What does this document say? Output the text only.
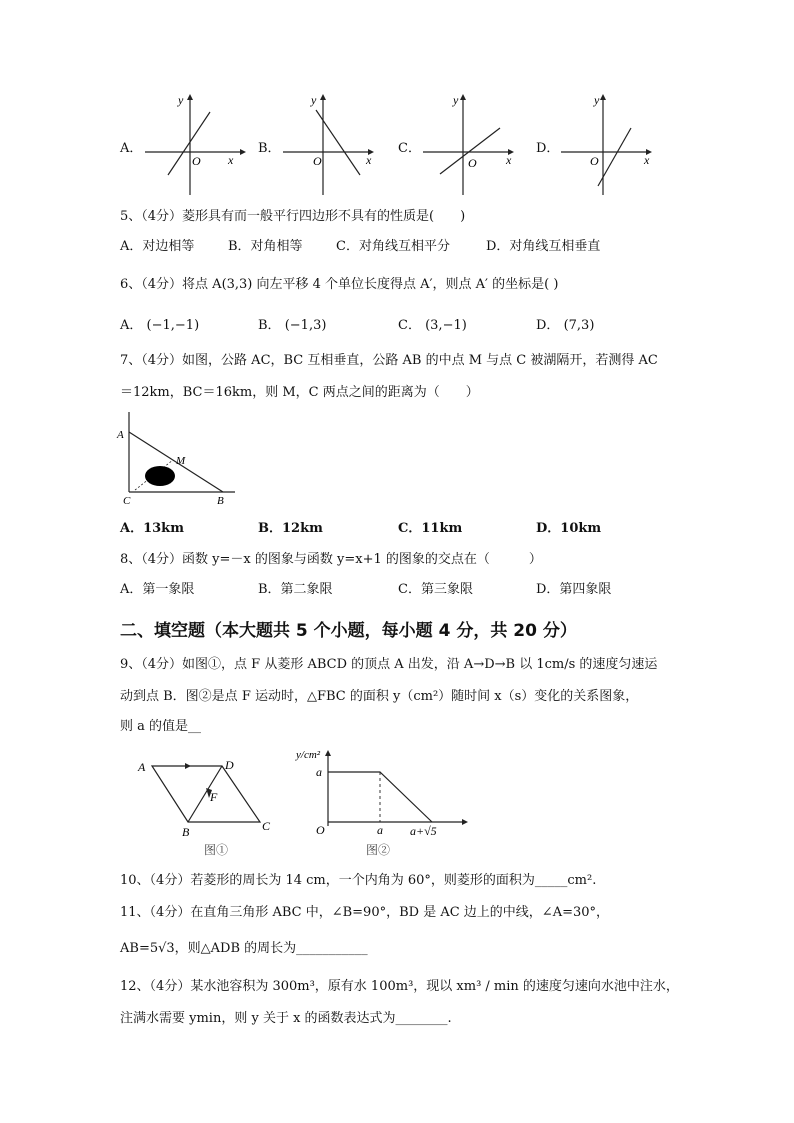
A．
x
y
O
B．
x
y
O
C．
x
y
O
D．
x
y
O
5、（4分）菱形具有而一般平行四边形不具有的性质是(　　)
A．对边相等	B．对角相等	C．对角线互相平分	D．对角线互相垂直
6、（4分）将点 A(3,3) 向左平移 4 个单位长度得点 A′，则点 A′ 的坐标是( )
A． (−1,−1)	B． (−1,3)	C． (3,−1)	D． (7,3)
7、（4分）如图，公路 AC，BC 互相垂直，公路 AB 的中点 M 与点 C 被湖隔开，若测得 AC
＝12km，BC＝16km，则 M，C 两点之间的距离为（　　）
A
C	B
M
A．13km	B．12km	C．11km	D．10km
8、（4分）函数 y=－x 的图象与函数 y=x+1 的图象的交点在（　　　）
A．第一象限	B．第二象限	C．第三象限	D．第四象限
二、填空题（本大题共 5 个小题，每小题 4 分，共 20 分）
9、（4分）如图①，点 F 从菱形 ABCD 的顶点 A 出发，沿 A→D→B 以 1cm/s 的速度匀速运
动到点 B．图②是点 F 运动时，△FBC 的面积 y（cm²）随时间 x（s）变化的关系图象，
则 a 的值是__
A	D
F
B	C
图①
y/cm²
a
O	a a+√5
图②
10、（4分）若菱形的周长为 14 cm，一个内角为 60°，则菱形的面积为_____cm².
11、（4分）在直角三角形 ABC 中，∠B=90°，BD 是 AC 边上的中线，∠A=30°，
AB=5√3，则△ADB 的周长为___________
12、（4分）某水池容积为 300m³，原有水 100m³，现以 xm³ / min 的速度匀速向水池中注水，
注满水需要 ymin，则 y 关于 x 的函数表达式为________.
